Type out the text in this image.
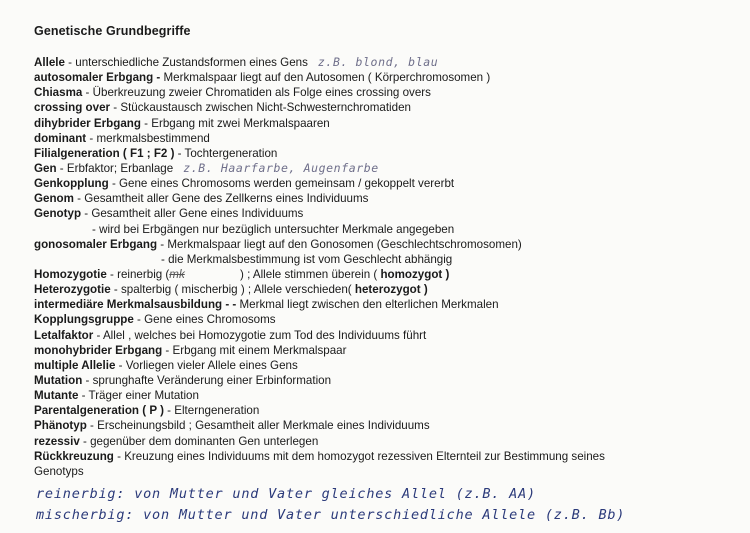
Genetische Grundbegriffe
Allele - unterschiedliche Zustandsformen eines Gens z.B. blond, blau
autosomaler Erbgang - Merkmalspaar liegt auf den Autosomen ( Körperchromosomen )
Chiasma - Überkreuzung zweier Chromatiden als Folge eines crossing overs
crossing over - Stückaustausch zwischen Nicht-Schwesternchromatiden
dihybrider Erbgang - Erbgang mit zwei Merkmalspaaren
dominant - merkmalsbestimmend
Filialgeneration ( F1 ; F2 ) - Tochtergeneration
Gen - Erbfaktor; Erbanlage z.B. Haarfarbe, Augenfarbe
Genkopplung - Gene eines Chromosoms werden gemeinsam / gekoppelt vererbt
Genom - Gesamtheit aller Gene des Zellkerns eines Individuums
Genotyp - Gesamtheit aller Gene eines Individuums
- wird bei Erbgängen nur bezüglich untersuchter Merkmale angegeben
gonosomaler Erbgang - Merkmalspaar liegt auf den Gonosomen (Geschlechtschromosomen)
- die Merkmalsbestimmung ist vom Geschlecht abhängig
Homozygotie - reinerbig (mk	) ; Allele stimmen überein ( homozygot )
Heterozygotie - spalterbig ( mischerbig ) ; Allele verschieden( heterozygot )
intermediäre Merkmalsausbildung - - Merkmal liegt zwischen den elterlichen Merkmalen
Kopplungsgruppe - Gene eines Chromosoms
Letalfaktor - Allel , welches bei Homozygotie zum Tod des Individuums führt
monohybrider Erbgang - Erbgang mit einem Merkmalspaar
multiple Allelie - Vorliegen vieler Allele eines Gens
Mutation - sprunghafte Veränderung einer Erbinformation
Mutante - Träger einer Mutation
Parentalgeneration ( P ) - Elterngeneration
Phänotyp - Erscheinungsbild ; Gesamtheit aller Merkmale eines Individuums
rezessiv - gegenüber dem dominanten Gen unterlegen
Rückkreuzung - Kreuzung eines Individuums mit dem homozygot rezessiven Elternteil zur Bestimmung seines
Genotyps
reinerbig: von Mutter und Vater gleiches Allel (z.B. AA)
mischerbig: von Mutter und Vater unterschiedliche Allele (z.B. Bb)
